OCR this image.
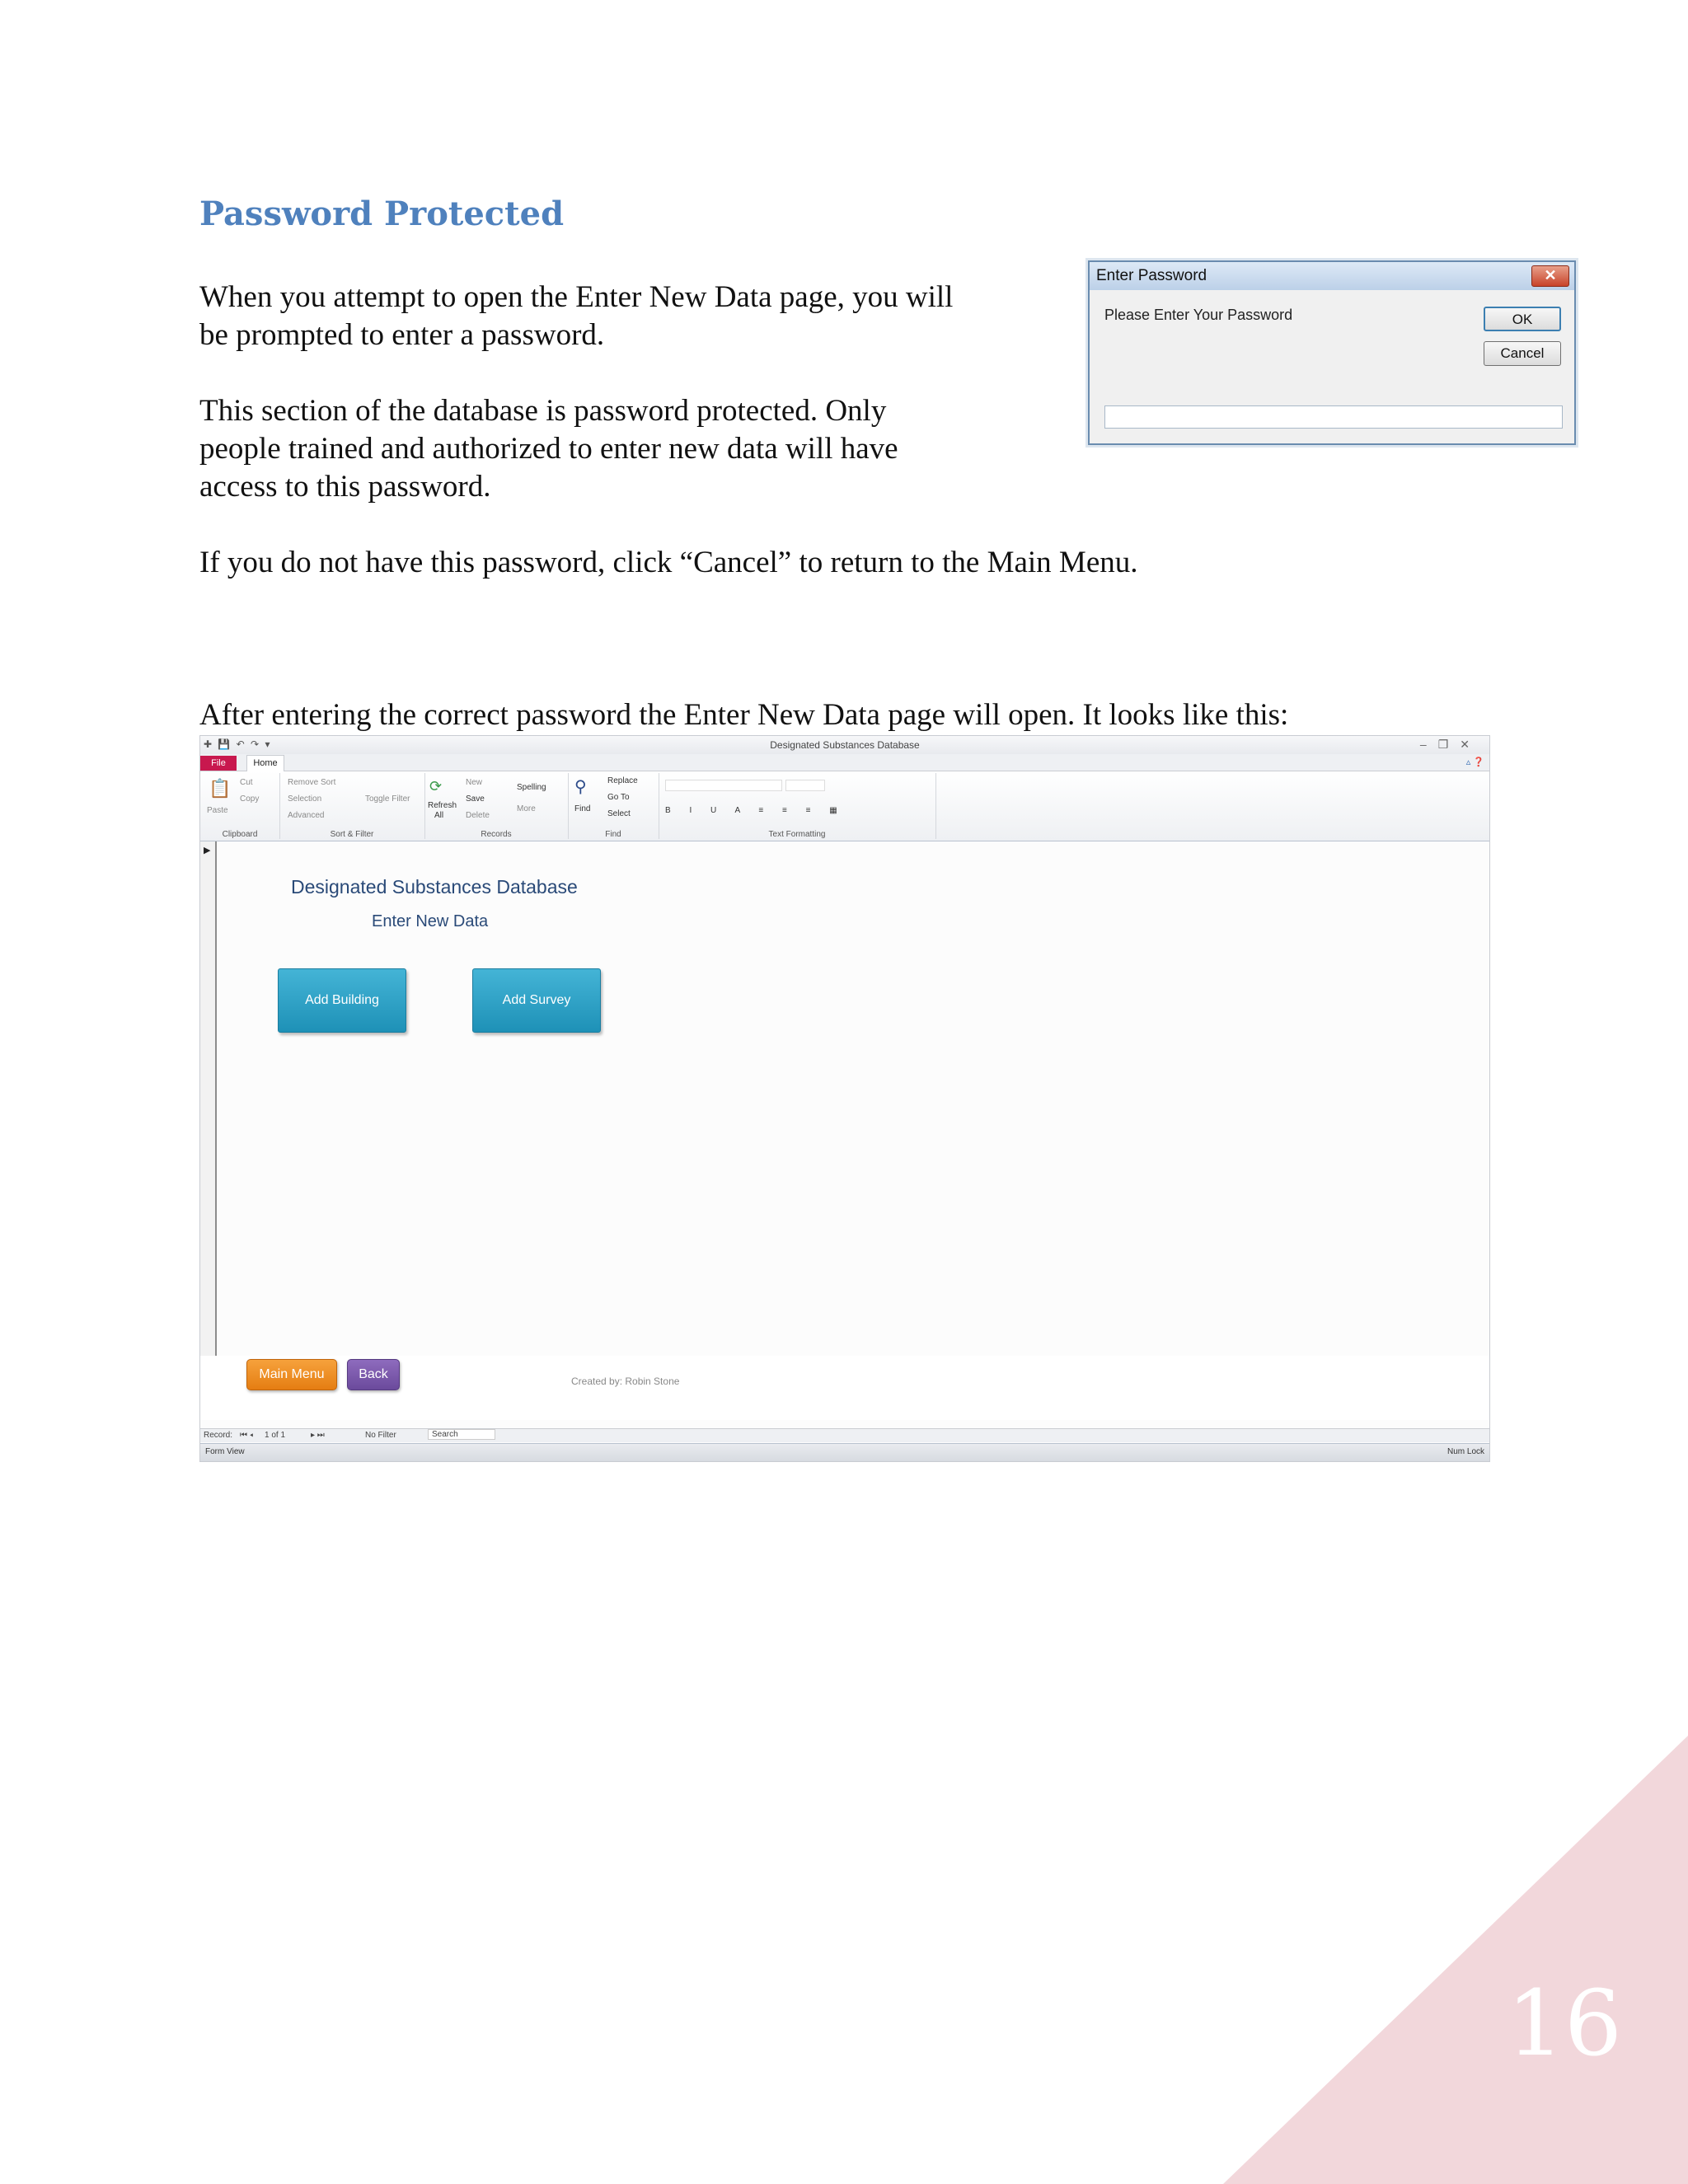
Password Protected

When you attempt to open the Enter New Data page, you will

be prompted to enter a password.

This section of the database is password protected. Only

people trained and authorized to enter new data will have

access to this password.

If you do not have this password, click “Cancel” to return to the Main Menu.

After entering the correct password the Enter New Data page will open. It looks like this:

Enter Password	✕
Please Enter Your Password	OK
Cancel
✚ 💾 ↶ ↷ ▾	Designated Substances Database	–❐✕
File	Home	▵ ❓
📋
Paste
Cut
Copy
Clipboard
Remove Sort
Selection
Advanced
Toggle Filter
Sort & Filter
⟳
Refresh
All
New
Save
Delete
Spelling
More
Records
⚲
Find
Replace
Go To
Select
Find
B I U A ≡ ≡ ≡ ▦
Text Formatting
▶
Designated Substances Database
Enter New Data
Add Building	Add Survey
Main Menu	Back	Created by: Robin Stone
Record: ⏮ ◂ 1 of 1	▸ ⏭	No Filter	Search
Form View	Num Lock
16
